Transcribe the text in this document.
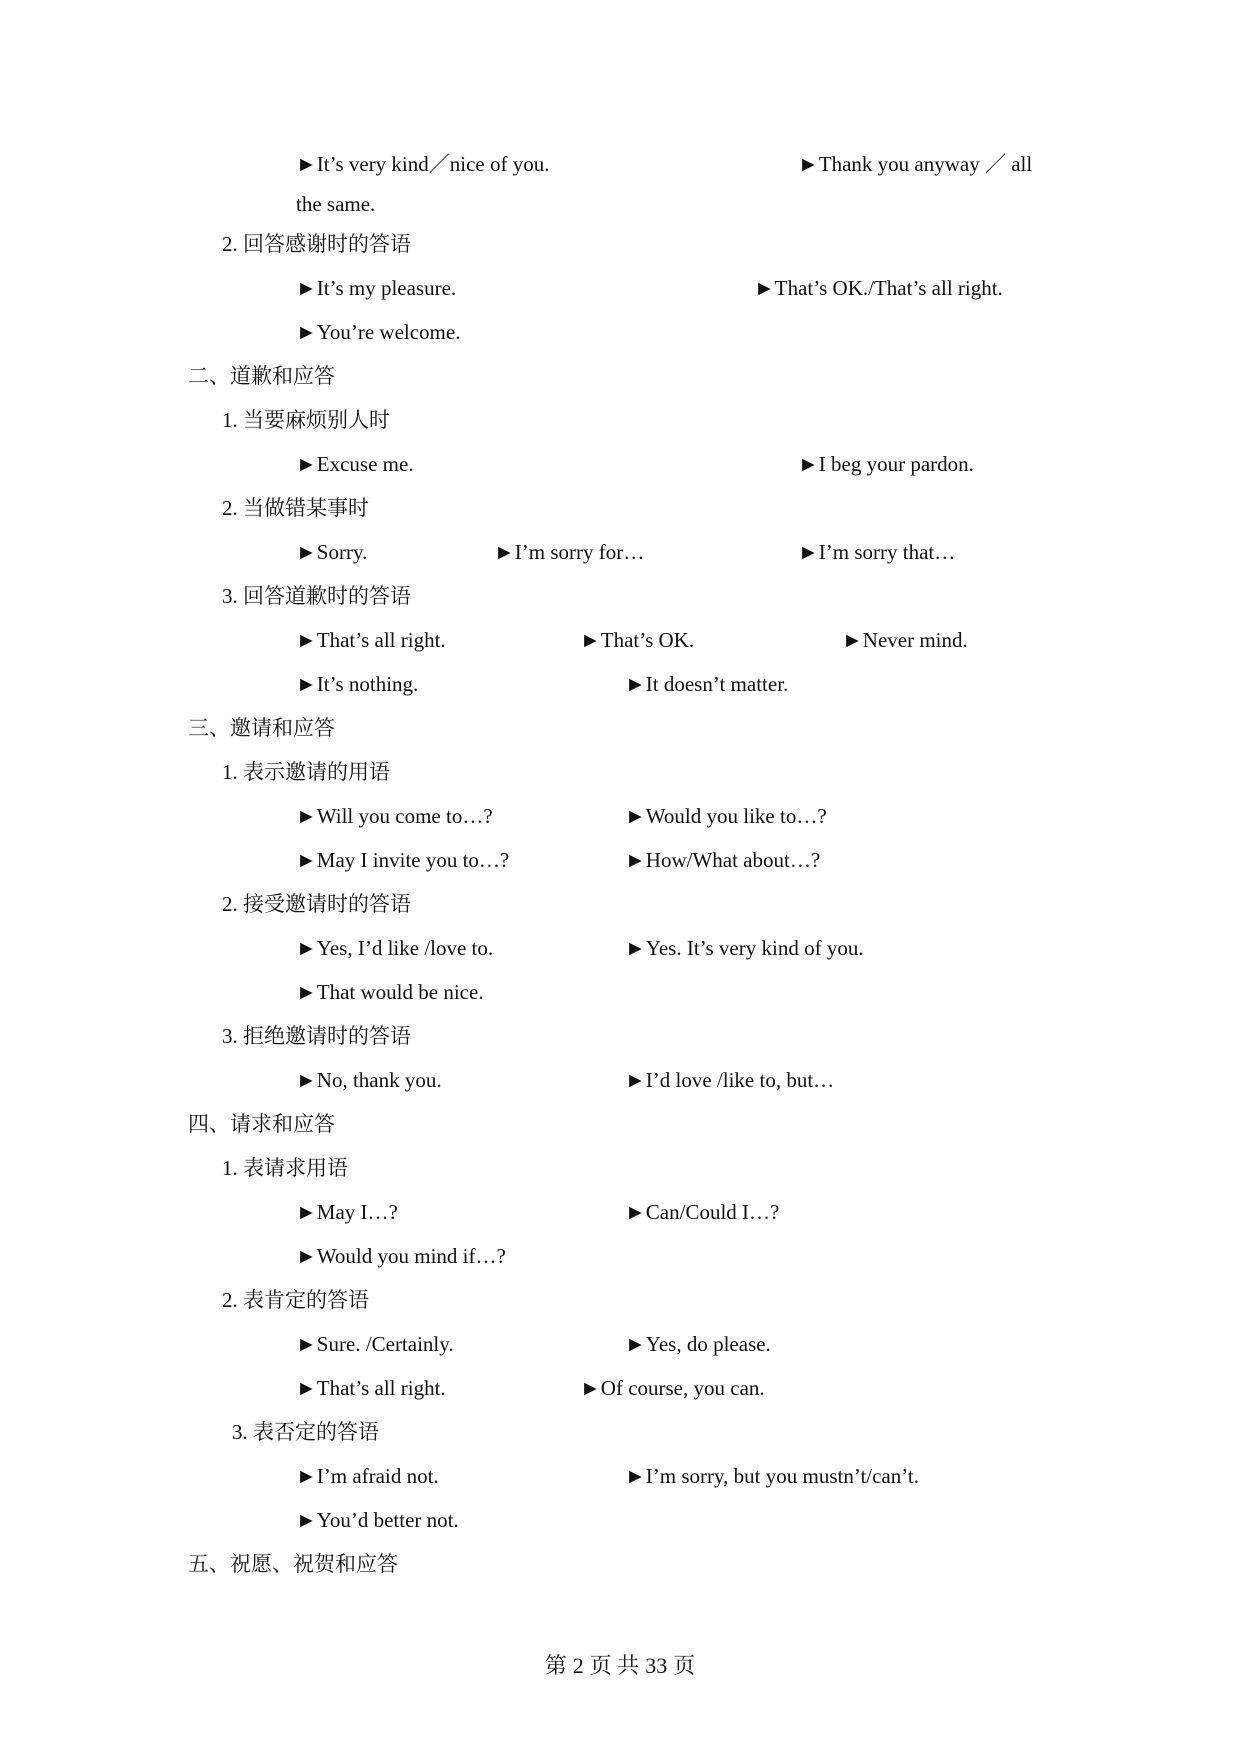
►It’s very kind／nice of you.	►Thank you anyway ／ all
the same.
2. 回答感谢时的答语
►It’s my pleasure.	►That’s OK./That’s all right.
►You’re welcome.
二、道歉和应答
1. 当要麻烦别人时
►Excuse me.	►I beg your pardon.
2. 当做错某事时
►Sorry.	►I’m sorry for…	►I’m sorry that…
3. 回答道歉时的答语
►That’s all right.	►That’s OK.	►Never mind.
►It’s nothing.	►It doesn’t matter.
三、邀请和应答
1. 表示邀请的用语
►Will you come to…?	►Would you like to…?
►May I invite you to…?	►How/What about…?
2. 接受邀请时的答语
►Yes, I’d like /love to.	►Yes. It’s very kind of you.
►That would be nice.
3. 拒绝邀请时的答语
►No, thank you.	►I’d love /like to, but…
四、请求和应答
1. 表请求用语
►May I…?	►Can/Could I…?
►Would you mind if…?
2. 表肯定的答语
►Sure. /Certainly.	►Yes, do please.
►That’s all right.	►Of course, you can.
3. 表否定的答语
►I’m afraid not.	►I’m sorry, but you mustn’t/can’t.
►You’d better not.
五、祝愿、祝贺和应答
第 2 页 共 33 页
